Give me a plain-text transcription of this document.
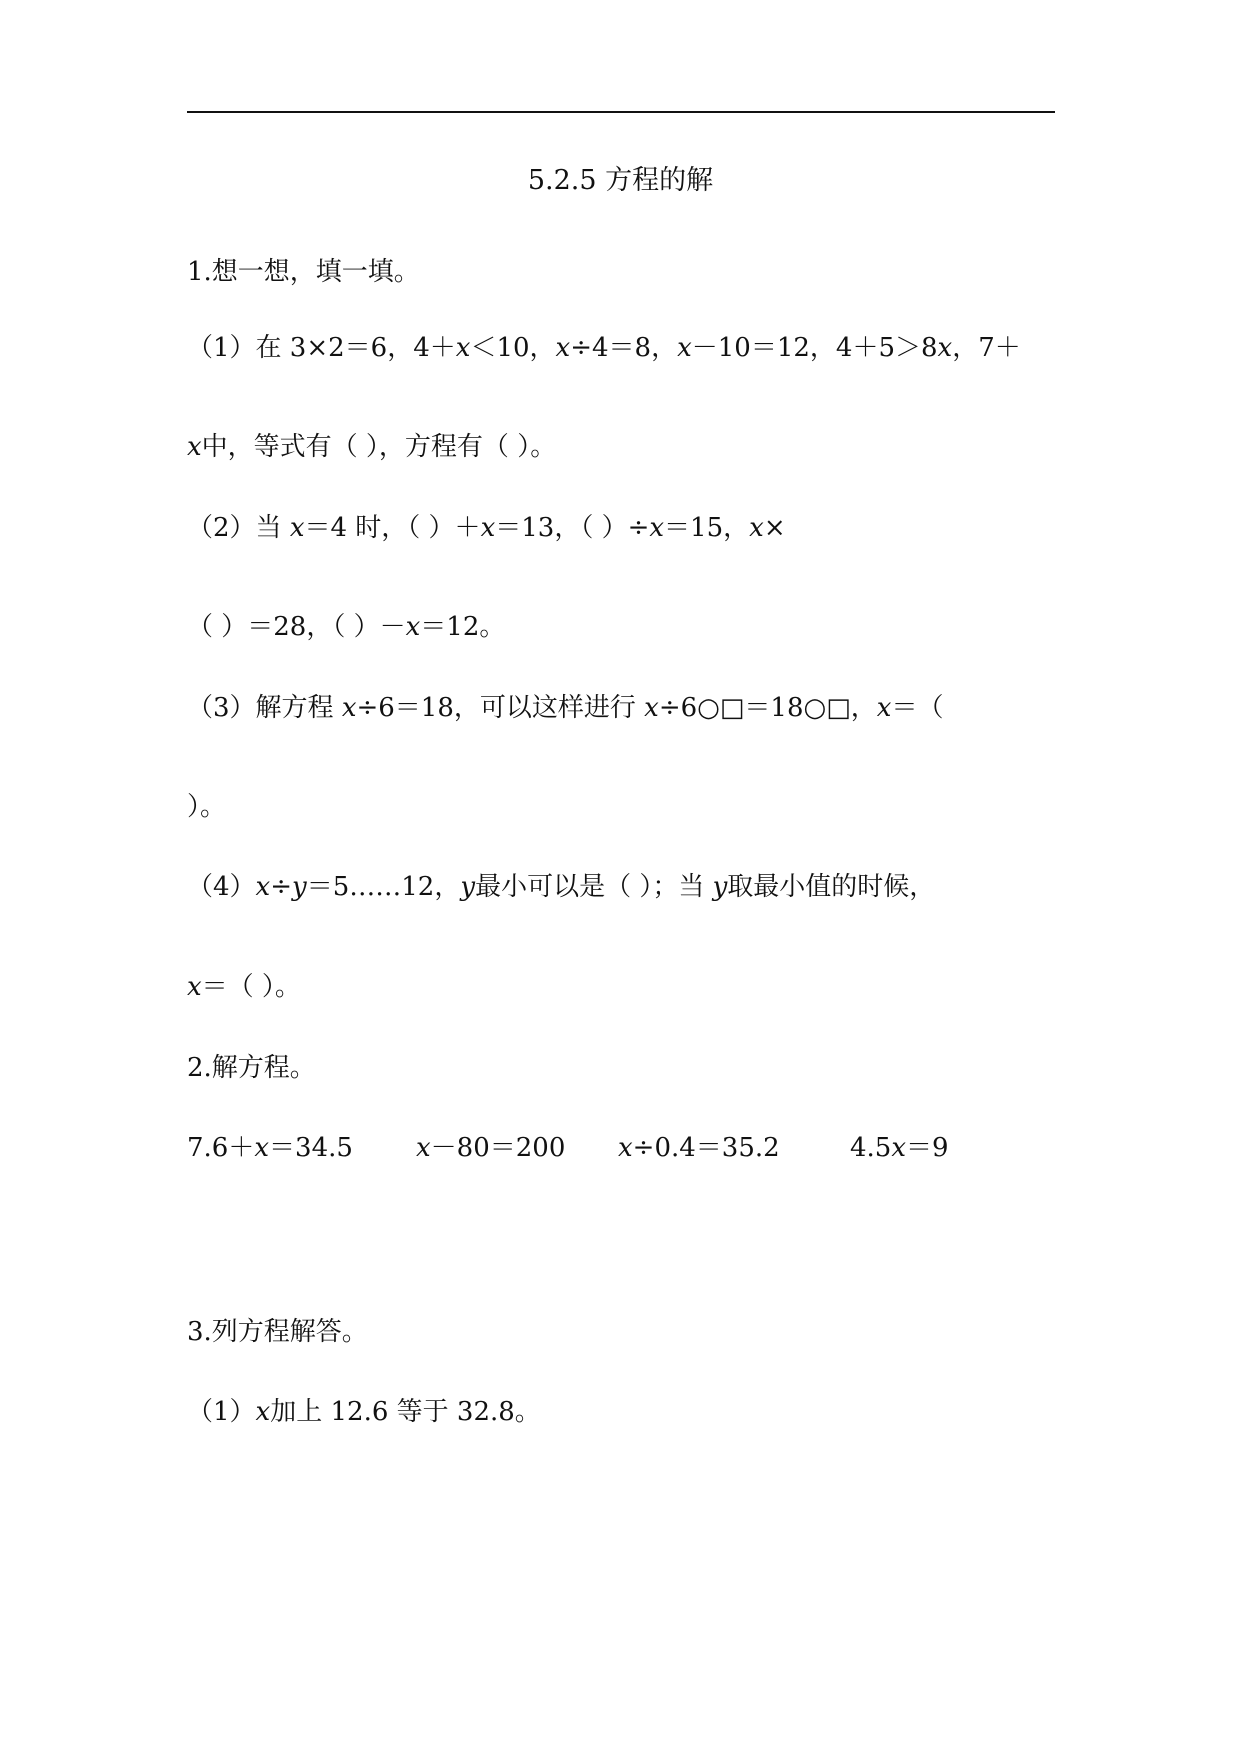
5.2.5 方程的解
1.想一想，填一填。
（1）在 3×2＝6，4＋x＜10，x÷4＝8，x－10＝12，4＋5＞8x，7＋
x中，等式有（ ），方程有（ ）。
（2）当 x＝4 时，（ ）＋x＝13，（ ）÷x＝15，x×
（ ）＝28，（ ）－x＝12。
（3）解方程 x÷6＝18，可以这样进行 x÷6○□＝18○□，x＝（
）。
（4）x÷y＝5……12，y最小可以是（ ）；当 y取最小值的时候，
x＝（ ）。
2.解方程。
7.6＋x＝34.5 x－80＝200 x÷0.4＝35.2	4.5x＝9
3.列方程解答。
（1）x加上 12.6 等于 32.8。
